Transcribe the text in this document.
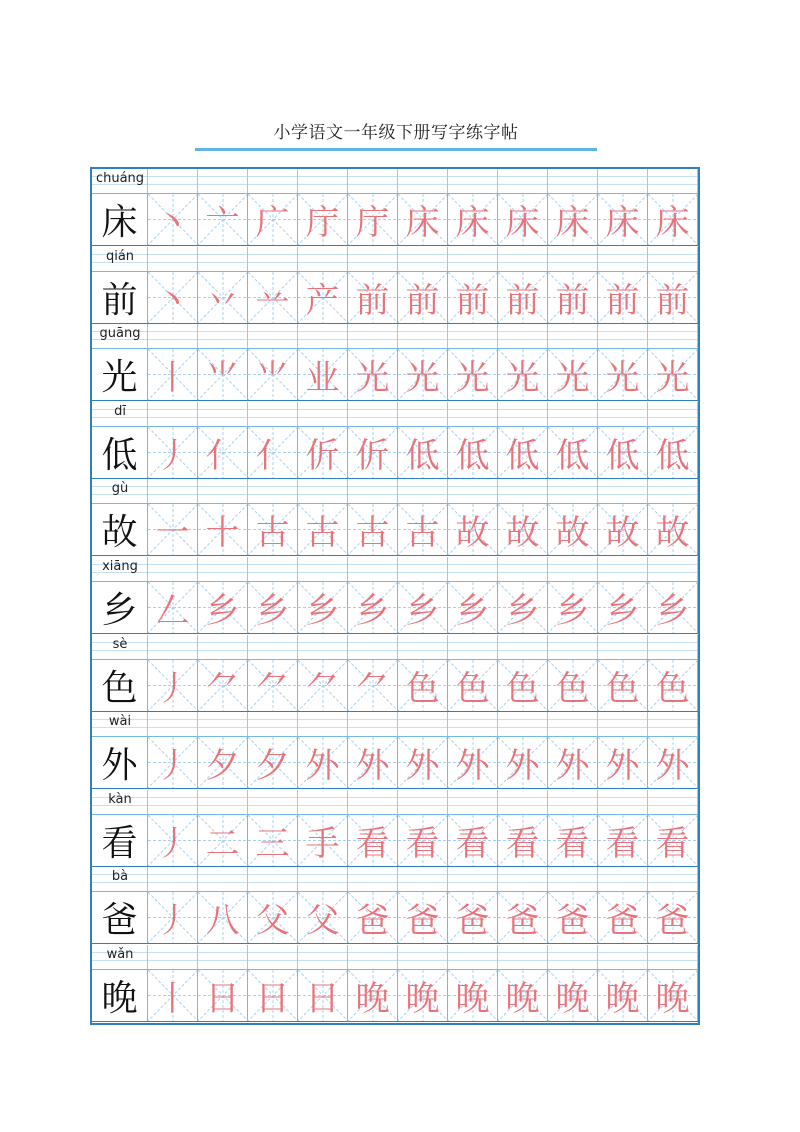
小学语文一年级下册写字练字帖
chuáng
床 丶 亠 广 庁 庁 床 床 床 床 床 床
qián
前 丶 丷 䒑 产 前 前 前 前 前 前 前
guāng
光 丨 ⺌ ⺌ 业 光 光 光 光 光 光 光
dī
低 丿 亻 亻 伒 伒 低 低 低 低 低 低
gù
故 一 十 古 古 古 古 故 故 故 故 故
xiāng
乡 𠃋 乡 乡 乡 乡 乡 乡 乡 乡 乡 乡
sè
色 丿 ⺈ ⺈ ⺈ ⺈ 色 色 色 色 色 色
wài
外 丿 夕 夕 外 外 外 外 外 外 外 外
kàn
看 丿 二 三 手 看 看 看 看 看 看 看
bà
爸 丿 八 父 父 爸 爸 爸 爸 爸 爸 爸
wǎn
晚 丨 日 日 日 晚 晚 晚 晚 晚 晚 晚
